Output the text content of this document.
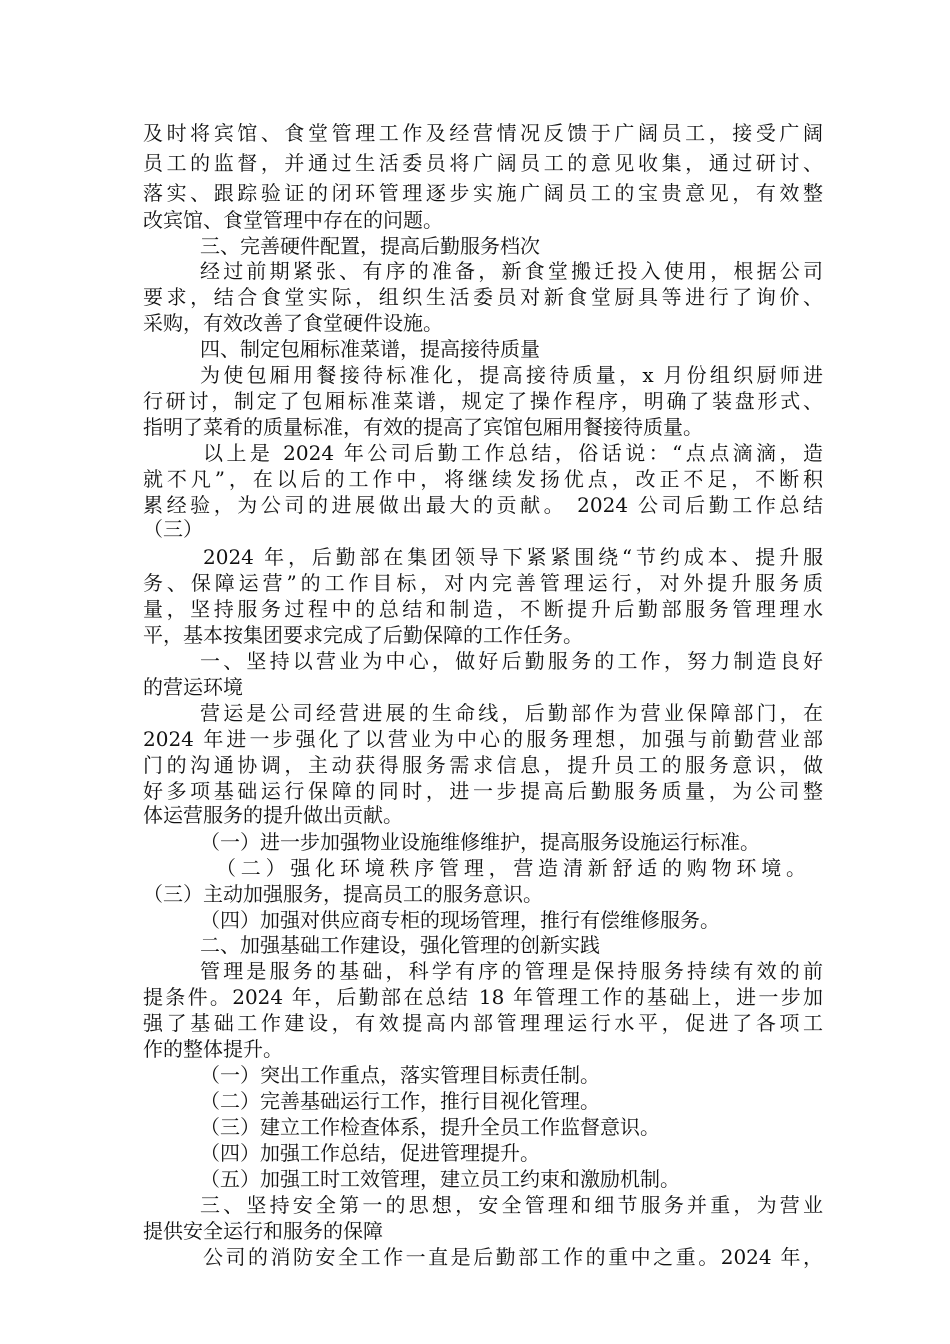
及时将宾馆、食堂管理工作及经营情况反馈于广阔员工，接受广阔
员工的监督，并通过生活委员将广阔员工的意见收集，通过研讨、
落实、跟踪验证的闭环管理逐步实施广阔员工的宝贵意见，有效整
改宾馆、食堂管理中存在的问题。
三、完善硬件配置，提高后勤服务档次
经过前期紧张、有序的准备，新食堂搬迁投入使用，根据公司
要求，结合食堂实际，组织生活委员对新食堂厨具等进行了询价、
采购，有效改善了食堂硬件设施。
四、制定包厢标准菜谱，提高接待质量
为使包厢用餐接待标准化，提高接待质量，x 月份组织厨师进
行研讨，制定了包厢标准菜谱，规定了操作程序，明确了装盘形式、
指明了菜肴的质量标准，有效的提高了宾馆包厢用餐接待质量。
以上是 2024 年公司后勤工作总结，俗话说：“点点滴滴，造
就不凡”，在以后的工作中，将继续发扬优点，改正不足，不断积
累经验，为公司的进展做出最大的贡献。 2024 公司后勤工作总结
（三）
2024 年，后勤部在集团领导下紧紧围绕“节约成本、提升服
务、保障运营”的工作目标，对内完善管理运行，对外提升服务质
量，坚持服务过程中的总结和制造，不断提升后勤部服务管理理水
平，基本按集团要求完成了后勤保障的工作任务。
一、坚持以营业为中心，做好后勤服务的工作，努力制造良好
的营运环境
营运是公司经营进展的生命线，后勤部作为营业保障部门，在
2024 年进一步强化了以营业为中心的服务理想，加强与前勤营业部
门的沟通协调，主动获得服务需求信息，提升员工的服务意识，做
好多项基础运行保障的同时，进一步提高后勤服务质量，为公司整
体运营服务的提升做出贡献。
（一）进一步加强物业设施维修维护，提高服务设施运行标准。
（二）强化环境秩序管理，营造清新舒适的购物环境。
（三）主动加强服务，提高员工的服务意识。
（四）加强对供应商专柜的现场管理，推行有偿维修服务。
二、加强基础工作建设，强化管理的创新实践
管理是服务的基础，科学有序的管理是保持服务持续有效的前
提条件。2024 年，后勤部在总结 18 年管理工作的基础上，进一步加
强了基础工作建设，有效提高内部管理理运行水平，促进了各项工
作的整体提升。
（一）突出工作重点，落实管理目标责任制。
（二）完善基础运行工作，推行目视化管理。
（三）建立工作检查体系，提升全员工作监督意识。
（四）加强工作总结，促进管理提升。
（五）加强工时工效管理，建立员工约束和激励机制。
三、坚持安全第一的思想，安全管理和细节服务并重，为营业
提供安全运行和服务的保障
公司的消防安全工作一直是后勤部工作的重中之重。2024 年，
